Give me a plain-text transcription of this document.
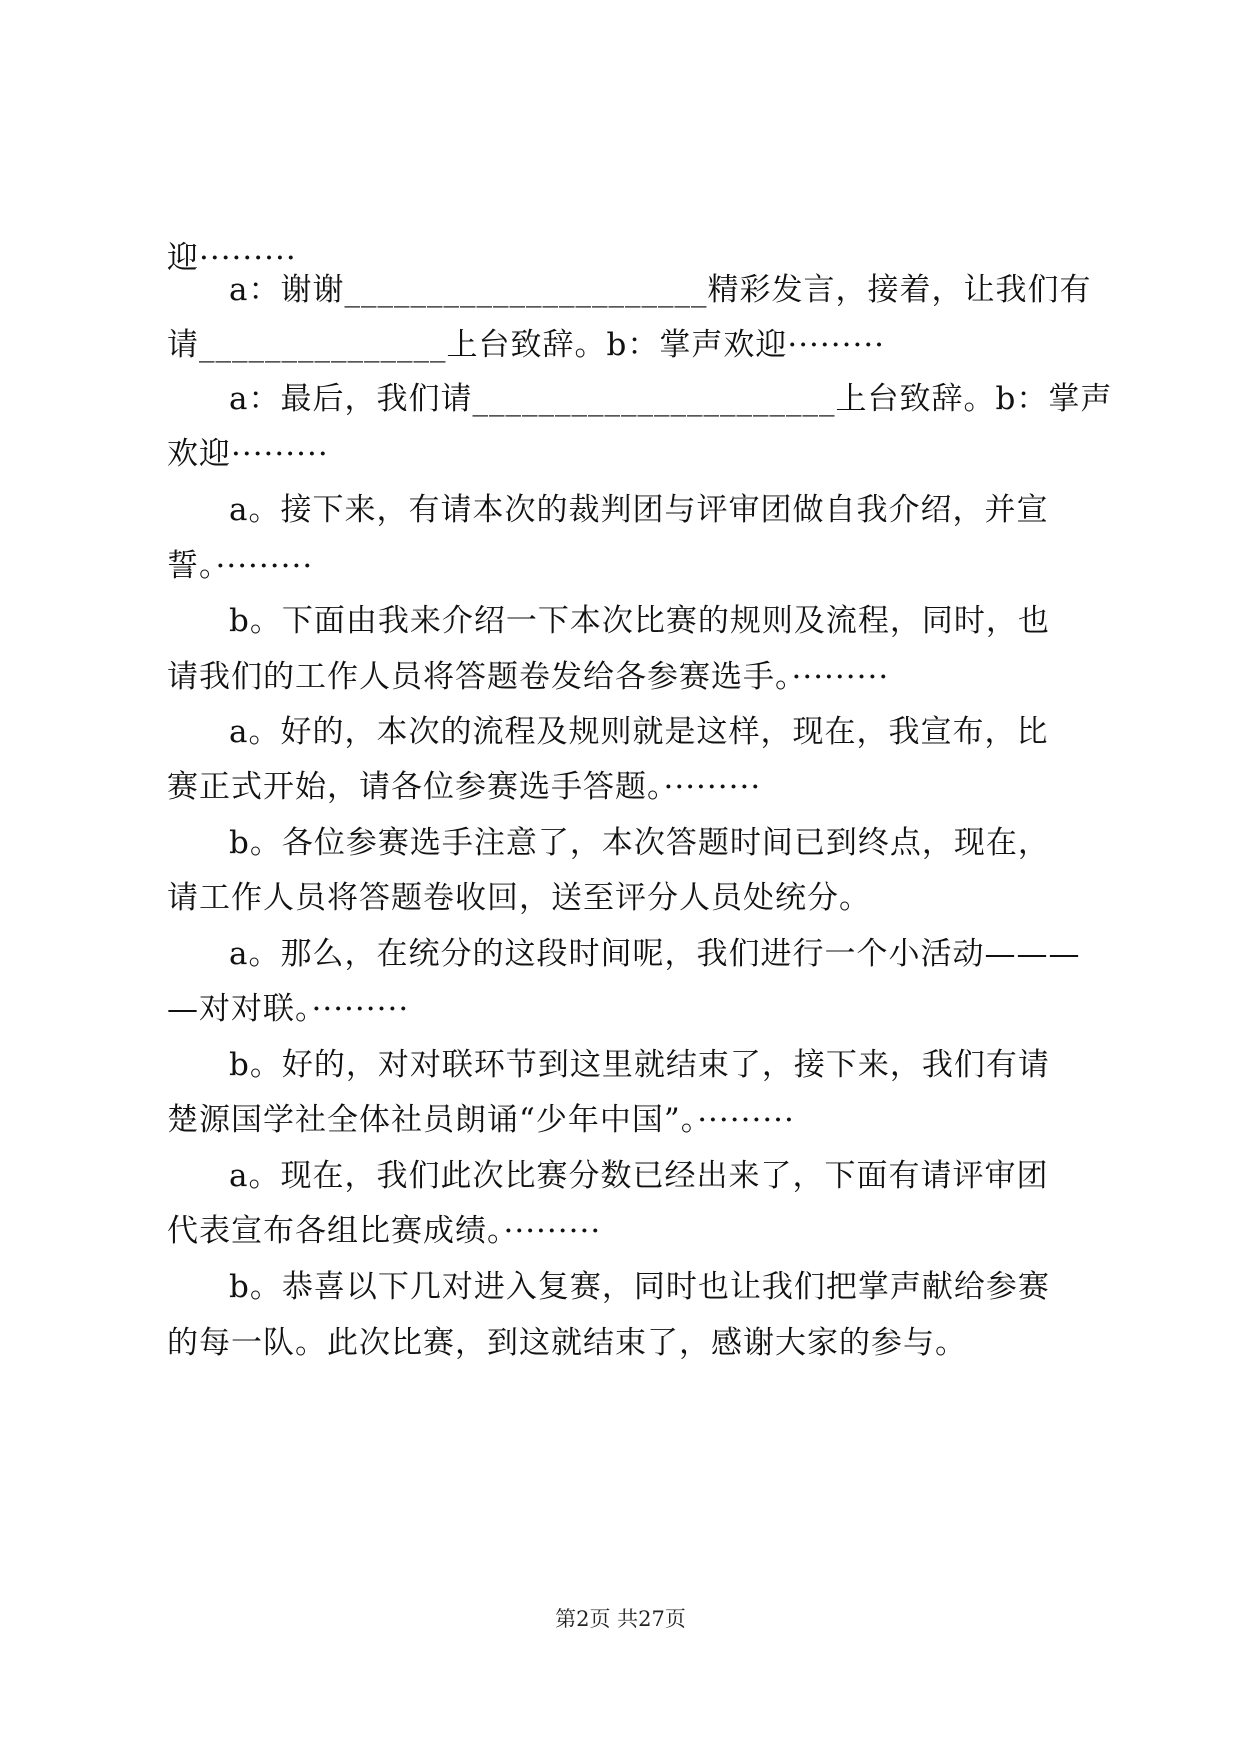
迎·········
a：谢谢______________________精彩发言，接着，让我们有
请_______________上台致辞。b：掌声欢迎·········
a：最后，我们请______________________上台致辞。b：掌声
欢迎·········
a。接下来，有请本次的裁判团与评审团做自我介绍，并宣
誓。·········
b。下面由我来介绍一下本次比赛的规则及流程，同时，也
请我们的工作人员将答题卷发给各参赛选手。·········
a。好的，本次的流程及规则就是这样，现在，我宣布，比
赛正式开始，请各位参赛选手答题。·········
b。各位参赛选手注意了，本次答题时间已到终点，现在，
请工作人员将答题卷收回，送至评分人员处统分。
a。那么，在统分的这段时间呢，我们进行一个小活动———
—对对联。·········
b。好的，对对联环节到这里就结束了，接下来，我们有请
楚源国学社全体社员朗诵“少年中国”。·········
a。现在，我们此次比赛分数已经出来了，下面有请评审团
代表宣布各组比赛成绩。·········
b。恭喜以下几对进入复赛，同时也让我们把掌声献给参赛
的每一队。此次比赛，到这就结束了，感谢大家的参与。
第2页 共27页
